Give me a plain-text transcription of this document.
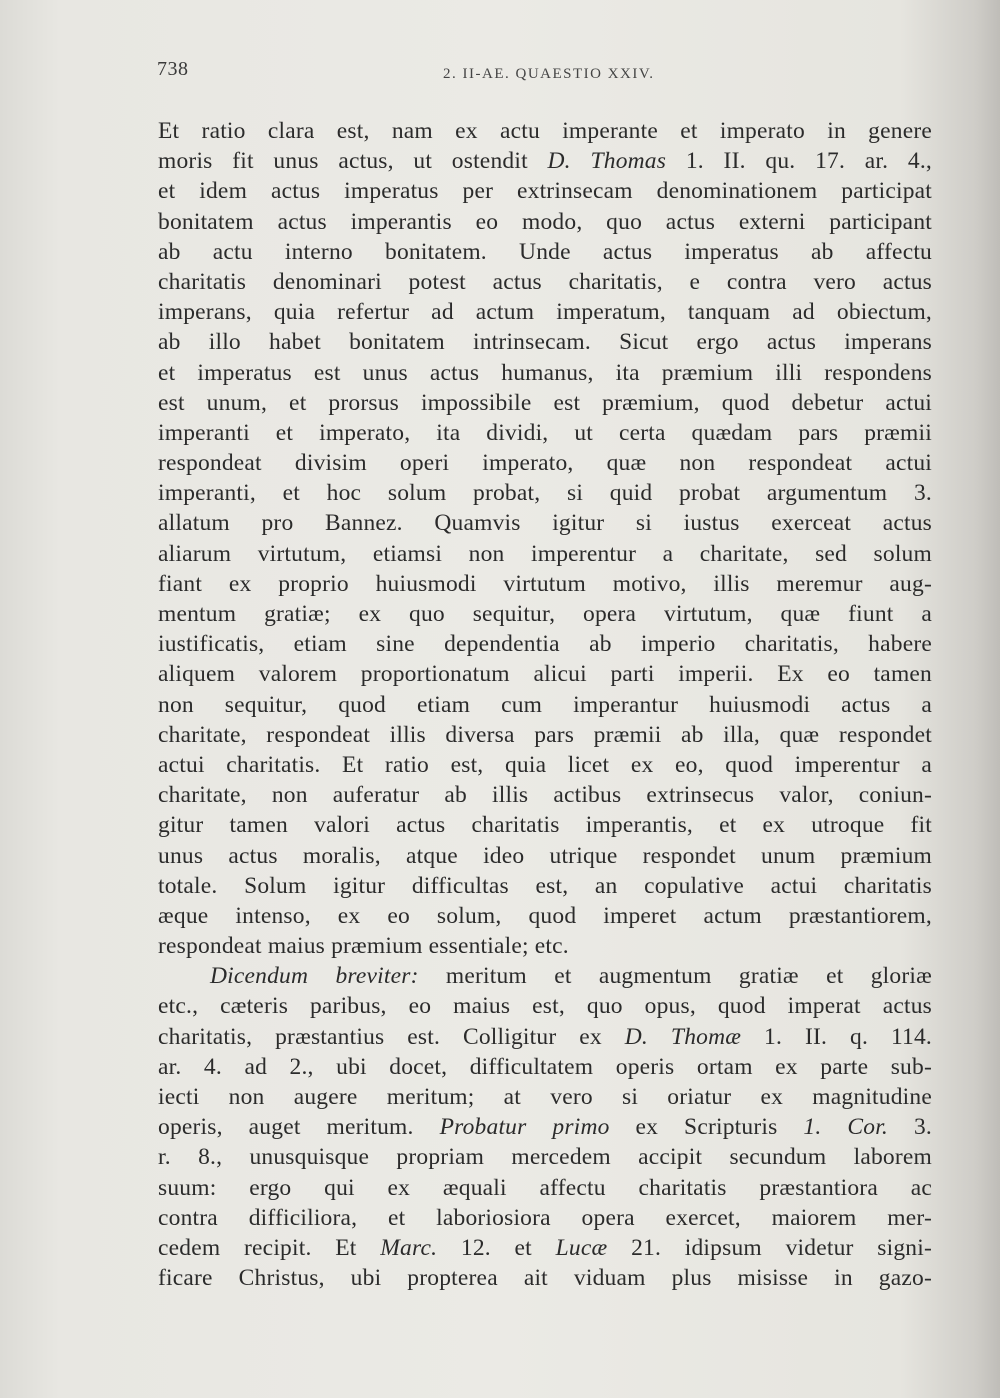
738	2. II-AE. QUAESTIO XXIV.
Et ratio clara est, nam ex actu imperante et imperato in genere
moris fit unus actus, ut ostendit D. Thomas 1. II. qu. 17. ar. 4.,
et idem actus imperatus per extrinsecam denominationem participat
bonitatem actus imperantis eo modo, quo actus externi participant
ab actu interno bonitatem. Unde actus imperatus ab affectu
charitatis denominari potest actus charitatis, e contra vero actus
imperans, quia refertur ad actum imperatum, tanquam ad obiectum,
ab illo habet bonitatem intrinsecam. Sicut ergo actus imperans
et imperatus est unus actus humanus, ita præmium illi respondens
est unum, et prorsus impossibile est præmium, quod debetur actui
imperanti et imperato, ita dividi, ut certa quædam pars præmii
respondeat divisim operi imperato, quæ non respondeat actui
imperanti, et hoc solum probat, si quid probat argumentum 3.
allatum pro Bannez. Quamvis igitur si iustus exerceat actus
aliarum virtutum, etiamsi non imperentur a charitate, sed solum
fiant ex proprio huiusmodi virtutum motivo, illis meremur aug-
mentum gratiæ; ex quo sequitur, opera virtutum, quæ fiunt a
iustificatis, etiam sine dependentia ab imperio charitatis, habere
aliquem valorem proportionatum alicui parti imperii. Ex eo tamen
non sequitur, quod etiam cum imperantur huiusmodi actus a
charitate, respondeat illis diversa pars præmii ab illa, quæ respondet
actui charitatis. Et ratio est, quia licet ex eo, quod imperentur a
charitate, non auferatur ab illis actibus extrinsecus valor, coniun-
gitur tamen valori actus charitatis imperantis, et ex utroque fit
unus actus moralis, atque ideo utrique respondet unum præmium
totale. Solum igitur difficultas est, an copulative actui charitatis
æque intenso, ex eo solum, quod imperet actum præstantiorem,
respondeat maius præmium essentiale; etc.
Dicendum breviter: meritum et augmentum gratiæ et gloriæ
etc., cæteris paribus, eo maius est, quo opus, quod imperat actus
charitatis, præstantius est. Colligitur ex D. Thomæ 1. II. q. 114.
ar. 4. ad 2., ubi docet, difficultatem operis ortam ex parte sub-
iecti non augere meritum; at vero si oriatur ex magnitudine
operis, auget meritum. Probatur primo ex Scripturis 1. Cor. 3.
r. 8., unusquisque propriam mercedem accipit secundum laborem
suum: ergo qui ex æquali affectu charitatis præstantiora ac
contra difficiliora, et laboriosiora opera exercet, maiorem mer-
cedem recipit. Et Marc. 12. et Lucæ 21. idipsum videtur signi-
ficare Christus, ubi propterea ait viduam plus misisse in gazo-
